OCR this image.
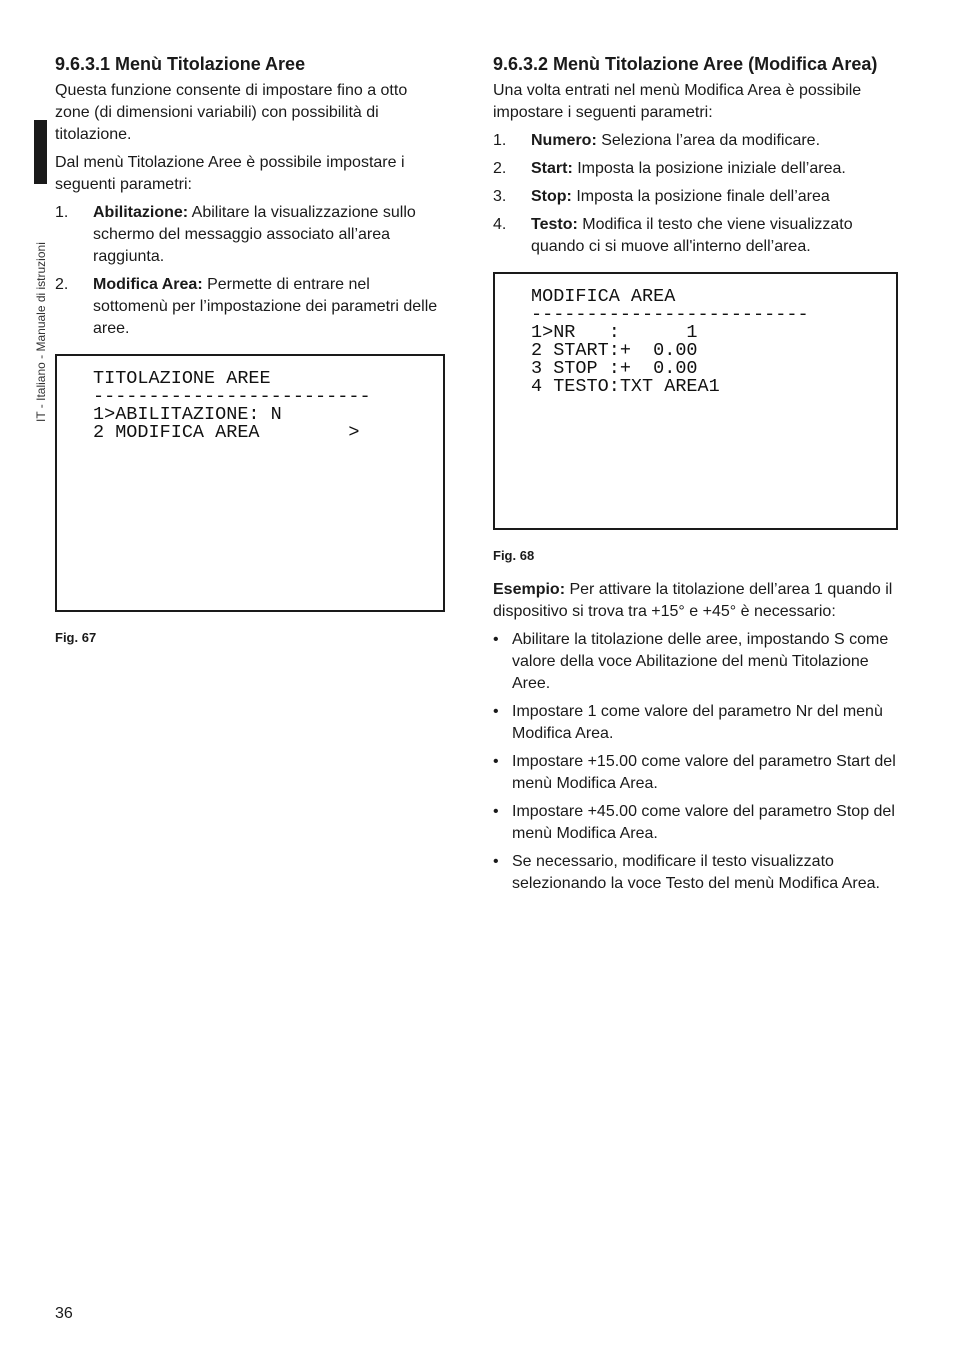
IT - Italiano - Manuale di istruzioni
9.6.3.1 Menù Titolazione Aree

Questa funzione consente di impostare fino a otto zone (di dimensioni variabili) con possibilità di titolazione.

Dal menù Titolazione Aree è possibile impostare i seguenti parametri:

1. Abilitazione: Abilitare la visualizzazione sullo schermo del messaggio associato all’area raggiunta.
2. Modifica Area: Permette di entrare nel sottomenù per l’impostazione dei parametri delle aree.
TITOLAZIONE AREE
-------------------------
1>ABILITAZIONE: N
2 MODIFICA AREA        >
Fig. 67
9.6.3.2 Menù Titolazione Aree (Modifica Area)

Una volta entrati nel menù Modifica Area è possibile impostare i seguenti parametri:

1. Numero: Seleziona l’area da modificare.
2. Start: Imposta la posizione iniziale dell’area.
3. Stop: Imposta la posizione finale dell’area
4. Testo: Modifica il testo che viene visualizzato quando ci si muove all'interno dell’area.
MODIFICA AREA
-------------------------
1>NR   :      1
2 START:+  0.00
3 STOP :+  0.00
4 TESTO:TXT AREA1
Fig. 68

Esempio: Per attivare la titolazione dell’area 1 quando il dispositivo si trova tra +15° e +45° è necessario:

• Abilitare la titolazione delle aree, impostando S come valore della voce Abilitazione del menù Titolazione Aree.
• Impostare 1 come valore del parametro Nr del menù Modifica Area.
• Impostare +15.00 come valore del parametro Start del menù Modifica Area.
• Impostare +45.00 come valore del parametro Stop del menù Modifica Area.
• Se necessario, modificare il testo visualizzato selezionando la voce Testo del menù Modifica Area.
36
